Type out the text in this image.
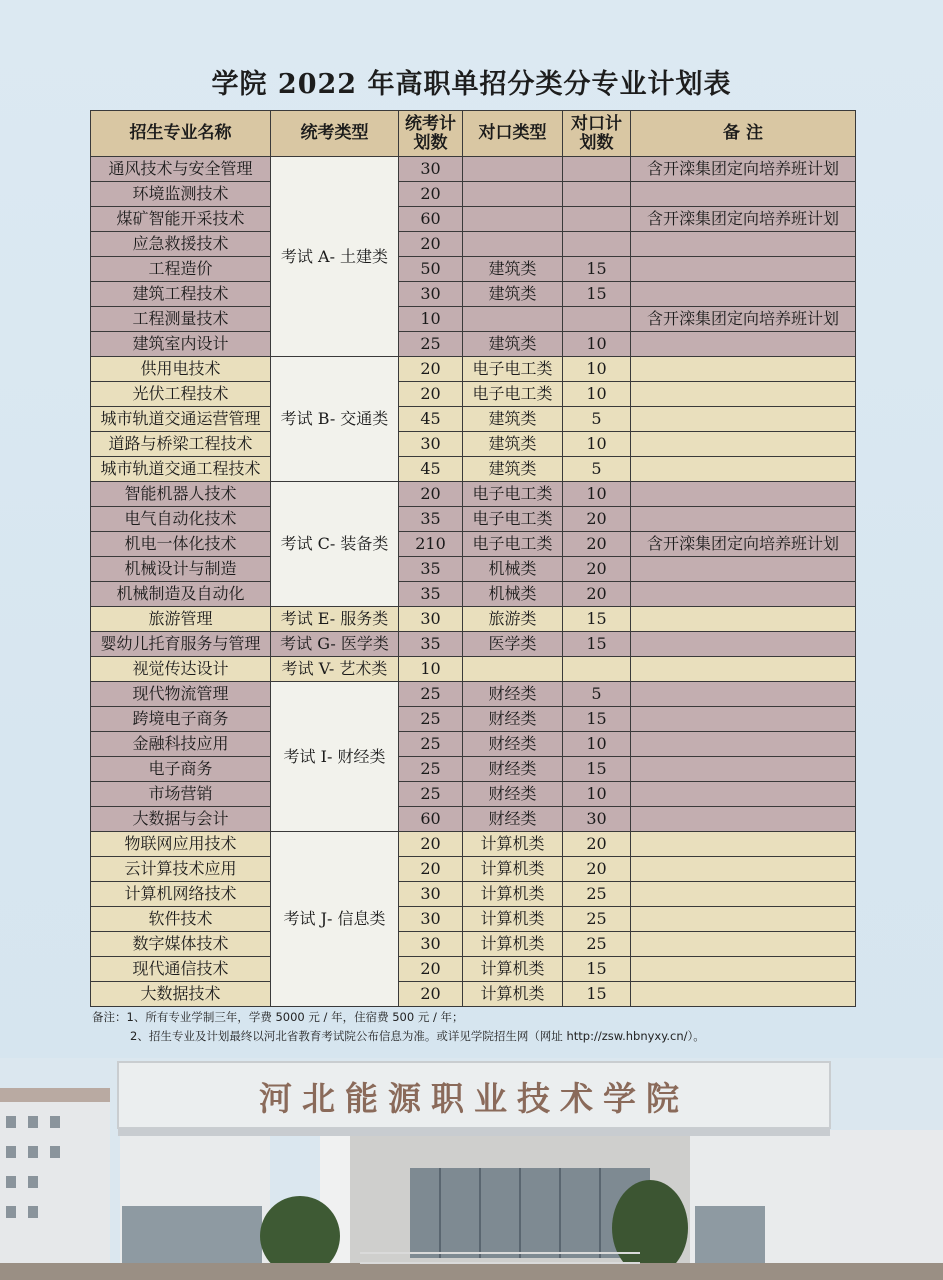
学院 2022 年高职单招分类分专业计划表
招生专业名称	统考类型	统考计划数	对口类型	对口计划数	备 注
通风技术与安全管理	考试 A- 土建类	30			含开滦集团定向培养班计划
环境监测技术		20			
煤矿智能开采技术		60			含开滦集团定向培养班计划
应急救援技术		20			
工程造价		50	建筑类	15	
建筑工程技术		30	建筑类	15	
工程测量技术		10			含开滦集团定向培养班计划
建筑室内设计		25	建筑类	10	
供用电技术	考试 B- 交通类	20	电子电工类	10	
光伏工程技术		20	电子电工类	10	
城市轨道交通运营管理		45	建筑类	5	
道路与桥梁工程技术		30	建筑类	10	
城市轨道交通工程技术		45	建筑类	5	
智能机器人技术	考试 C- 装备类	20	电子电工类	10	
电气自动化技术		35	电子电工类	20	
机电一体化技术		210	电子电工类	20	含开滦集团定向培养班计划
机械设计与制造		35	机械类	20	
机械制造及自动化		35	机械类	20	
旅游管理	考试 E- 服务类	30	旅游类	15	
婴幼儿托育服务与管理	考试 G- 医学类	35	医学类	15	
视觉传达设计	考试 V- 艺术类	10			
现代物流管理	考试 I- 财经类	25	财经类	5	
跨境电子商务		25	财经类	15	
金融科技应用		25	财经类	10	
电子商务		25	财经类	15	
市场营销		25	财经类	10	
大数据与会计		60	财经类	30	
物联网应用技术	考试 J- 信息类	20	计算机类	20	
云计算技术应用		20	计算机类	20	
计算机网络技术		30	计算机类	25	
软件技术		30	计算机类	25	
数字媒体技术		30	计算机类	25	
现代通信技术		20	计算机类	15	
大数据技术		20	计算机类	15	
备注：1、所有专业学制三年，学费 5000 元 / 年，住宿费 500 元 / 年；
2、招生专业及计划最终以河北省教育考试院公布信息为准。或详见学院招生网（网址 http://zsw.hbnyxy.cn/）。
河北能源职业技术学院
